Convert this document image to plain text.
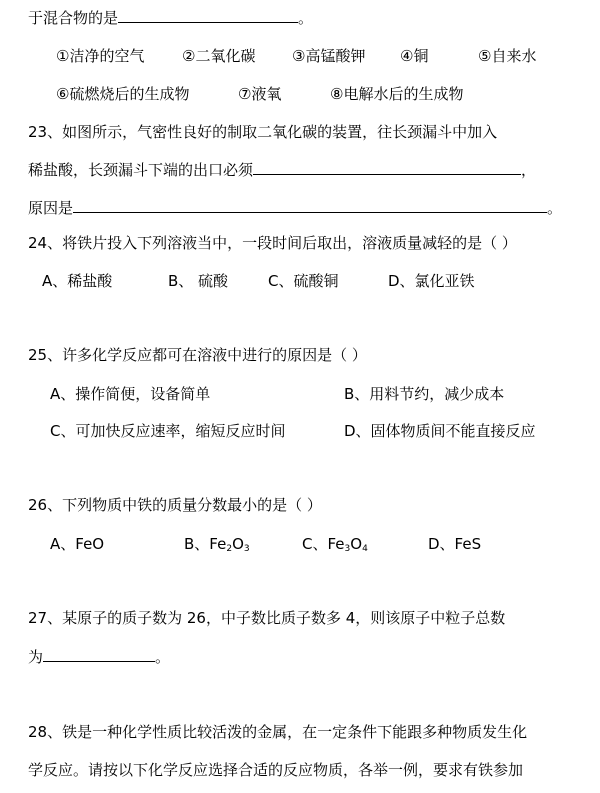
于混合物的是	。
①洁净的空气	②二氧化碳 ③高锰酸钾 ④铜	⑤自来水
⑥硫燃烧后的生成物	⑦液氧	⑧电解水后的生成物
23、如图所示，气密性良好的制取二氧化碳的装置，往长颈漏斗中加入
稀盐酸，长颈漏斗下端的出口必须	，
原因是	。
24、将铁片投入下列溶液当中，一段时间后取出，溶液质量减轻的是（ ）
A、稀盐酸	B、 硫酸	C、硫酸铜	D、氯化亚铁
25、许多化学反应都可在溶液中进行的原因是（ ）
A、操作简便，设备简单	B、用料节约，减少成本
C、可加快反应速率，缩短反应时间	D、固体物质间不能直接反应
26、下列物质中铁的质量分数最小的是（ ）
A、FeO	B、$Fe_2O_3$	C、$Fe_3O_4$	D、FeS
27、某原子的质子数为 26，中子数比质子数多 4，则该原子中粒子总数
为	。
28、铁是一种化学性质比较活泼的金属，在一定条件下能跟多种物质发生化
学反应。请按以下化学反应选择合适的反应物质，各举一例，要求有铁参加
